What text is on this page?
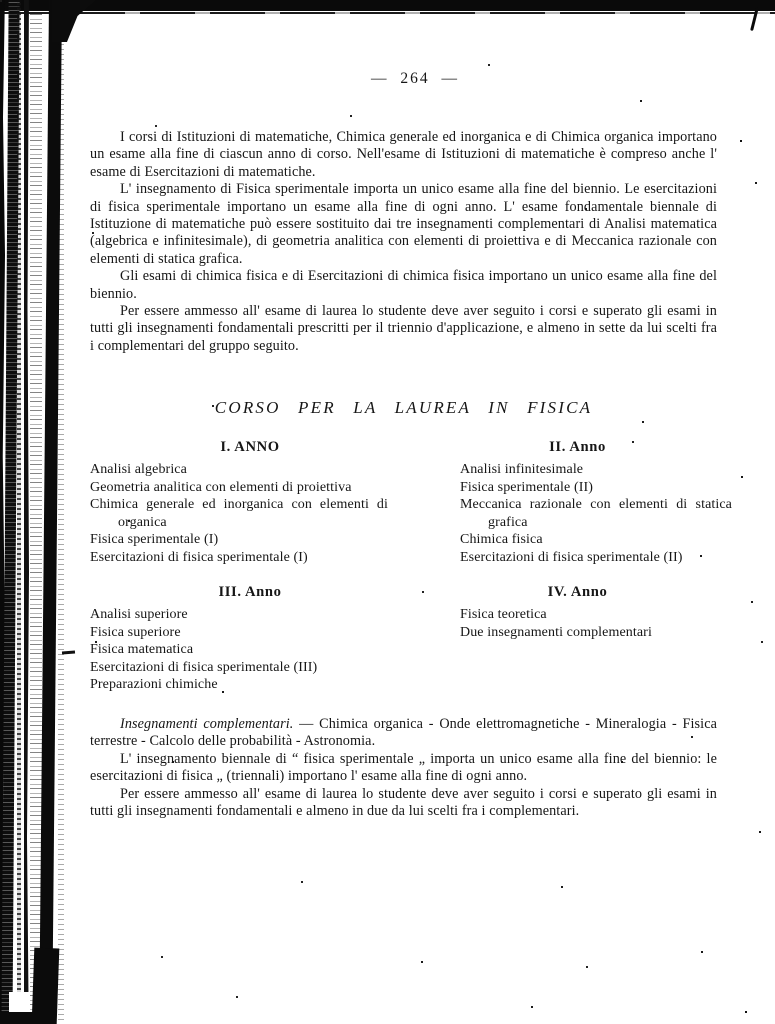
— 264 —

I corsi di Istituzioni di matematiche, Chimica generale ed inorganica e di Chimica organica importano un esame alla fine di ciascun anno di corso. Nell'esame di Istituzioni di matematiche è compreso anche l' esame di Esercitazioni di matematiche.

L' insegnamento di Fisica sperimentale importa un unico esame alla fine del biennio. Le esercitazioni di fisica sperimentale importano un esame alla fine di ogni anno. L' esame fondamentale biennale di Istituzione di matematiche può essere sostituito dai tre insegnamenti complementari di Analisi matematica (algebrica e infinitesimale), di geometria analitica con elementi di proiettiva e di Meccanica razionale con elementi di statica grafica.

Gli esami di chimica fisica e di Esercitazioni di chimica fisica importano un unico esame alla fine del biennio.

Per essere ammesso all' esame di laurea lo studente deve aver seguito i corsi e superato gli esami in tutti gli insegnamenti fondamentali prescritti per il triennio d'applicazione, e almeno in sette da lui scelti fra i complementari del gruppo seguito.

CORSO PER LA LAUREA IN FISICA
I. ANNO	II. Anno
Analisi algebrica
Geometria analitica con elementi di proiettiva
Chimica generale ed inorganica con elementi di organica
Fisica sperimentale (I)
Esercitazioni di fisica sperimentale (I)
Analisi infinitesimale
Fisica sperimentale (II)
Meccanica razionale con elementi di statica grafica
Chimica fisica
Esercitazioni di fisica sperimentale (II)
III. Anno	IV. Anno
Analisi superiore
Fisica superiore
Fisica matematica
Esercitazioni di fisica sperimentale (III)
Preparazioni chimiche
Fisica teoretica
Due insegnamenti complementari

Insegnamenti complementari. — Chimica organica - Onde elettromagnetiche - Mineralogia - Fisica terrestre - Calcolo delle probabilità - Astronomia.

L' insegnamento biennale di “ fisica sperimentale „ importa un unico esame alla fine del biennio: le esercitazioni di fisica „ (triennali) importano l' esame alla fine di ogni anno.

Per essere ammesso all' esame di laurea lo studente deve aver seguito i corsi e superato gli esami in tutti gli insegnamenti fondamentali e almeno in due da lui scelti fra i complementari.
